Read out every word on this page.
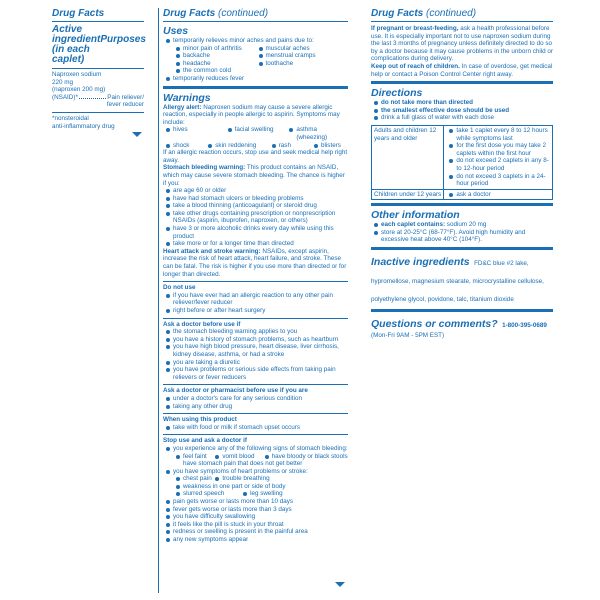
Drug Facts
Active
ingredient
(in each
caplet)
Purposes
Naproxen sodium
220 mg
(naproxen 200 mg)
(NSAID)*	Pain reliever/
fever reducer
*nonsteroidal
anti-inflammatory drug
Drug Facts (continued)
Uses
temporarily relieves minor aches and pains due to:
minor pain of arthritis	muscular aches
backache	menstrual cramps
headache	toothache
the common cold
temporarily reduces fever
Warnings
Allergy alert: Naproxen sodium may cause a severe allergic reaction, especially in people allergic to aspirin. Symptoms may include:
hives	facial swelling	asthma (wheezing)
shock	skin reddening	rash	blisters
If an allergic reaction occurs, stop use and seek medical help right away.
Stomach bleeding warning: This product contains an NSAID, which may cause severe stomach bleeding. The chance is higher if you:
are age 60 or older
have had stomach ulcers or bleeding problems
take a blood thinning (anticoagulant) or steroid drug
take other drugs containing prescription or nonprescription NSAIDs (aspirin, ibuprofen, naproxen, or others)
have 3 or more alcoholic drinks every day while using this product
take more or for a longer time than directed
Heart attack and stroke warning: NSAIDs, except aspirin, increase the risk of heart attack, heart failure, and stroke. These can be fatal. The risk is higher if you use more than directed or for longer than directed.
Do not use
if you have ever had an allergic reaction to any other pain reliever/fever reducer
right before or after heart surgery
Ask a doctor before use if
the stomach bleeding warning applies to you
you have a history of stomach problems, such as heartburn
you have high blood pressure, heart disease, liver cirrhosis, kidney disease, asthma, or had a stroke
you are taking a diuretic
you have problems or serious side effects from taking pain relievers or fever reducers
Ask a doctor or pharmacist before use if you are
under a doctor's care for any serious condition
taking any other drug
When using this product
take with food or milk if stomach upset occurs
Stop use and ask a doctor if
you experience any of the following signs of stomach bleeding:
feel faint	vomit blood	have bloody or black stools
have stomach pain that does not get better
you have symptoms of heart problems or stroke:
chest pain	trouble breathing
weakness in one part or side of body
slurred speech	leg swelling
pain gets worse or lasts more than 10 days
fever gets worse or lasts more than 3 days
you have difficulty swallowing
it feels like the pill is stuck in your throat
redness or swelling is present in the painful area
any new symptoms appear
Drug Facts (continued)
If pregnant or breast-feeding, ask a health professional before use. It is especially important not to use naproxen sodium during the last 3 months of pregnancy unless definitely directed to do so by a doctor because it may cause problems in the unborn child or complications during delivery.
Keep out of reach of children. In case of overdose, get medical help or contact a Poison Control Center right away.
Directions
do not take more than directed
the smallest effective dose should be used
drink a full glass of water with each dose
Adults and children 12 years and older	take 1 caplet every 8 to 12 hours while symptoms last
for the first dose you may take 2 caplets within the first hour
do not exceed 2 caplets in any 8- to 12-hour period
do not exceed 3 caplets in a 24-hour period

Children under 12 years	ask a doctor
Other information
each caplet contains: sodium 20 mg
store at 20-25°C (68-77°F). Avoid high humidity and excessive heat above 40°C (104°F).
Inactive ingredients FD&C blue #2 lake, hypromellose, magnesium stearate, microcrystalline cellulose, polyethylene glycol, povidone, talc, titanium dioxide
Questions or comments? 1-800-395-0689
(Mon-Fri 9AM - 5PM EST)
